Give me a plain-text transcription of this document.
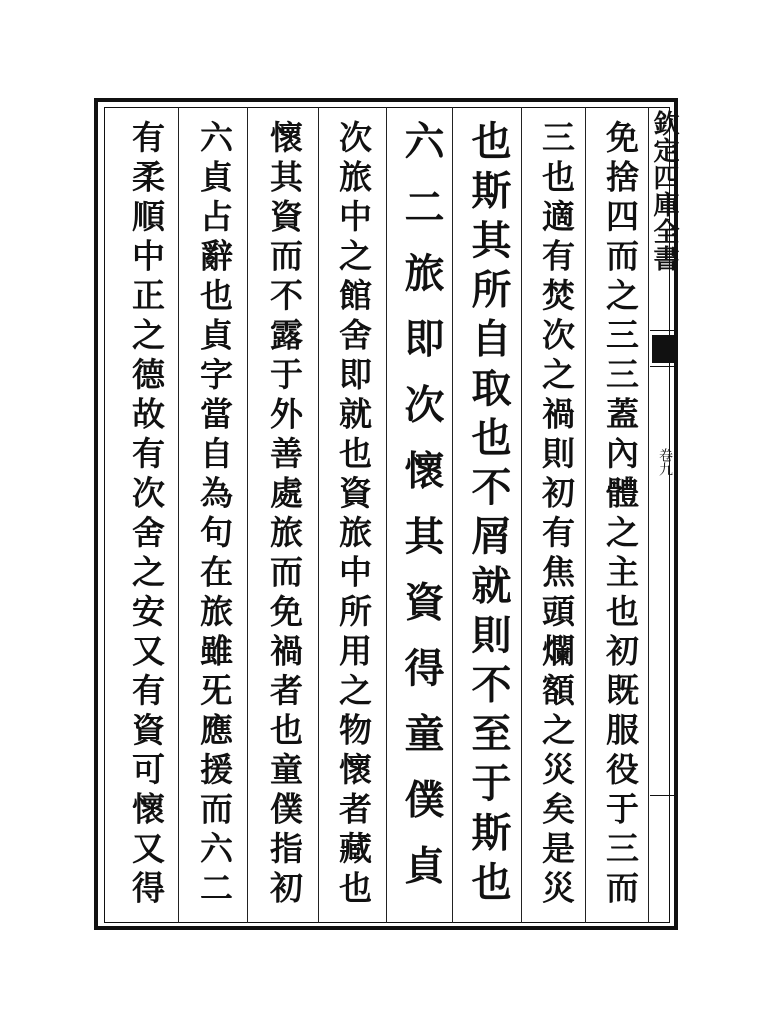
欽定四庫全書
卷九
免捨四而之三三蓋內體之主也初既服役于三而
三也適有焚次之禍則初有焦頭爛額之災矣是災
也斯其所自取也不屑就則不至于斯也
六二旅即次懷其資得童僕貞
次旅中之館舍即就也資旅中所用之物懷者藏也
懷其資而不露于外善處旅而免禍者也童僕指初
六貞占辭也貞字當自為句在旅雖旡應援而六二
有柔順中正之德故有次舍之安又有資可懷又得
